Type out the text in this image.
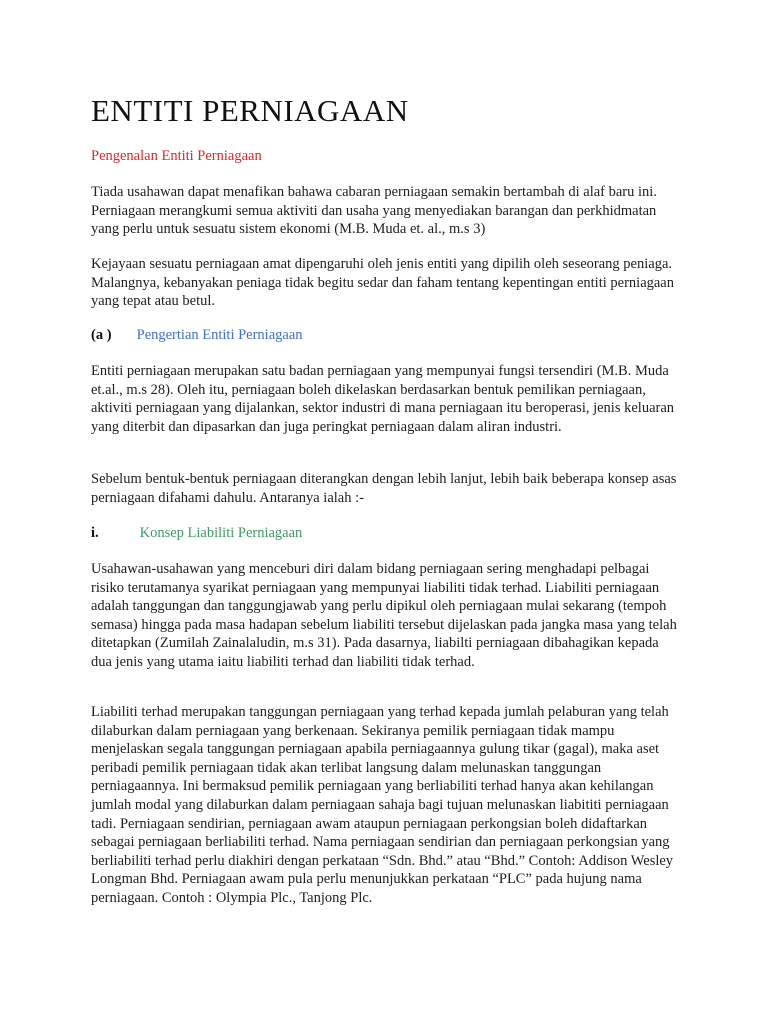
ENTITI PERNIAGAAN

Pengenalan Entiti Perniagaan

Tiada usahawan dapat menafikan bahawa cabaran perniagaan semakin bertambah di alaf baru ini. Perniagaan merangkumi semua aktiviti dan usaha yang menyediakan barangan dan perkhidmatan yang perlu untuk sesuatu sistem ekonomi (M.B. Muda et. al., m.s 3)

Kejayaan sesuatu perniagaan amat dipengaruhi oleh jenis entiti yang dipilih oleh seseorang peniaga. Malangnya, kebanyakan peniaga tidak begitu sedar dan faham tentang kepentingan entiti perniagaan yang tepat atau betul.

(a ) Pengertian Entiti Perniagaan

Entiti perniagaan merupakan satu badan perniagaan yang mempunyai fungsi tersendiri (M.B. Muda et.al., m.s 28). Oleh itu, perniagaan boleh dikelaskan berdasarkan bentuk pemilikan perniagaan, aktiviti perniagaan yang dijalankan, sektor industri di mana perniagaan itu beroperasi, jenis keluaran yang diterbit dan dipasarkan dan juga peringkat perniagaan dalam aliran industri.

Sebelum bentuk-bentuk perniagaan diterangkan dengan lebih lanjut, lebih baik beberapa konsep asas perniagaan difahami dahulu. Antaranya ialah :-

i.	Konsep Liabiliti Perniagaan

Usahawan-usahawan yang menceburi diri dalam bidang perniagaan sering menghadapi pelbagai risiko terutamanya syarikat perniagaan yang mempunyai liabiliti tidak terhad. Liabiliti perniagaan adalah tanggungan dan tanggungjawab yang perlu dipikul oleh perniagaan mulai sekarang (tempoh semasa) hingga pada masa hadapan sebelum liabiliti tersebut dijelaskan pada jangka masa yang telah ditetapkan (Zumilah Zainalaludin, m.s 31). Pada dasarnya, liabilti perniagaan dibahagikan kepada dua jenis yang utama iaitu liabiliti terhad dan liabiliti tidak terhad.

Liabiliti terhad merupakan tanggungan perniagaan yang terhad kepada jumlah pelaburan yang telah dilaburkan dalam perniagaan yang berkenaan. Sekiranya pemilik perniagaan tidak mampu menjelaskan segala tanggungan perniagaan apabila perniagaannya gulung tikar (gagal), maka aset peribadi pemilik perniagaan tidak akan terlibat langsung dalam melunaskan tanggungan perniagaannya. Ini bermaksud pemilik perniagaan yang berliabiliti terhad hanya akan kehilangan jumlah modal yang dilaburkan dalam perniagaan sahaja bagi tujuan melunaskan liabititi perniagaan tadi. Perniagaan sendirian, perniagaan awam ataupun perniagaan perkongsian boleh didaftarkan sebagai perniagaan berliabiliti terhad. Nama perniagaan sendirian dan perniagaan perkongsian yang berliabiliti terhad perlu diakhiri dengan perkataan “Sdn. Bhd.” atau “Bhd.” Contoh: Addison Wesley Longman Bhd. Perniagaan awam pula perlu menunjukkan perkataan “PLC” pada hujung nama perniagaan. Contoh : Olympia Plc., Tanjong Plc.
